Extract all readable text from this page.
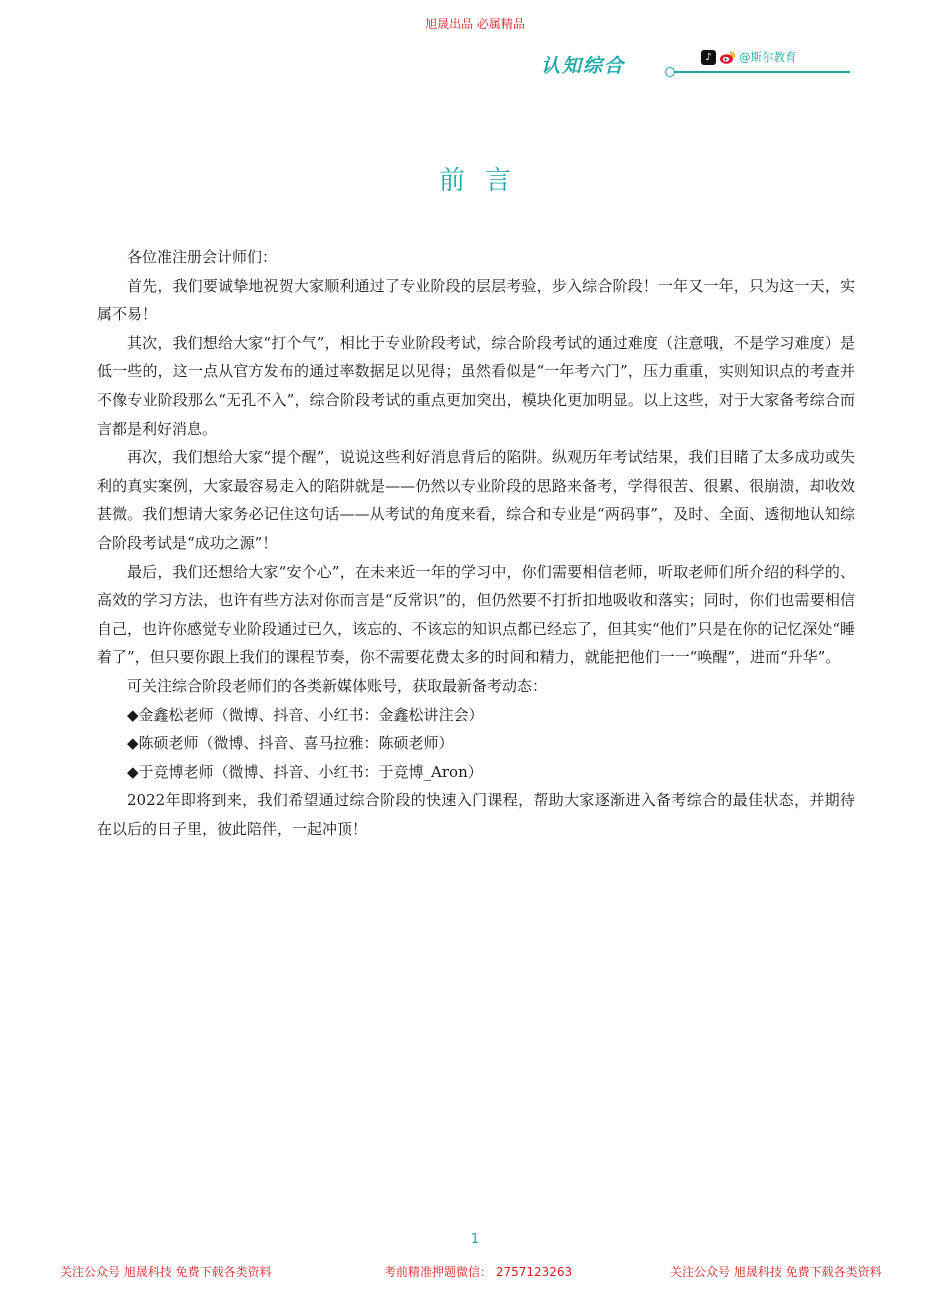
旭晟出品 必属精品
认知综合	♪	@斯尔教育
前言

各位准注册会计师们：

首先，我们要诚挚地祝贺大家顺利通过了专业阶段的层层考验，步入综合阶段！一年又一年，只为这一天，实属不易！

其次，我们想给大家“打个气”，相比于专业阶段考试，综合阶段考试的通过难度（注意哦，不是学习难度）是低一些的，这一点从官方发布的通过率数据足以见得；虽然看似是“一年考六门”，压力重重，实则知识点的考查并不像专业阶段那么“无孔不入”，综合阶段考试的重点更加突出，模块化更加明显。以上这些，对于大家备考综合而言都是利好消息。

再次，我们想给大家“提个醒”，说说这些利好消息背后的陷阱。纵观历年考试结果，我们目睹了太多成功或失利的真实案例，大家最容易走入的陷阱就是——仍然以专业阶段的思路来备考，学得很苦、很累、很崩溃，却收效甚微。我们想请大家务必记住这句话——从考试的角度来看，综合和专业是“两码事”，及时、全面、透彻地认知综合阶段考试是“成功之源”！

最后，我们还想给大家“安个心”，在未来近一年的学习中，你们需要相信老师，听取老师们所介绍的科学的、高效的学习方法，也许有些方法对你而言是“反常识”的，但仍然要不打折扣地吸收和落实；同时，你们也需要相信自己，也许你感觉专业阶段通过已久，该忘的、不该忘的知识点都已经忘了，但其实“他们”只是在你的记忆深处“睡着了”，但只要你跟上我们的课程节奏，你不需要花费太多的时间和精力，就能把他们一一“唤醒”，进而“升华”。

可关注综合阶段老师们的各类新媒体账号，获取最新备考动态：

◆金鑫松老师（微博、抖音、小红书：金鑫松讲注会）

◆陈硕老师（微博、抖音、喜马拉雅：陈硕老师）

◆于竞博老师（微博、抖音、小红书：于竞博_Aron）

2022年即将到来，我们希望通过综合阶段的快速入门课程，帮助大家逐渐进入备考综合的最佳状态，并期待在以后的日子里，彼此陪伴，一起冲顶！

1
关注公众号 旭晟科技 免费下载各类资料	考前精准押题微信： 2757123263	关注公众号 旭晟科技 免费下载各类资料
